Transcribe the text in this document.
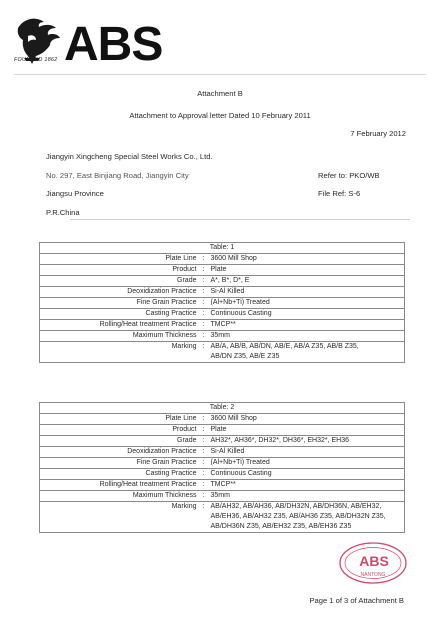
ABS
FOUNDED 1862
Attachment B
Attachment to Approval letter Dated 10 February 2011
7 February 2012
Jiangyin Xingcheng Special Steel Works Co., Ltd.
No. 297, East Binjiang Road, Jiangyin City
Jiangsu Province
P.R.China
Refer to: PKO/WB
File Ref: S-6
Table: 1		
Plate Line	:	3600 Mill Shop
Product	:	Plate
Grade	:	A*, B*, D*, E
Deoxidization Practice	:	Si-Al Killed
Fine Grain Practice	:	(Al+Nb+Ti) Treated
Casting Practice	:	Continuous Casting
Rolling/Heat treatment Practice	:	TMCP**
Maximum Thickness	:	35mm
Marking	:	AB/A, AB/B, AB/DN, AB/E, AB/A Z35, AB/B Z35,
AB/DN Z35, AB/E Z35
Table: 2		
Plate Line	:	3600 Mill Shop
Product	:	Plate
Grade	:	AH32*, AH36*, DH32*, DH36*, EH32*, EH36
Deoxidization Practice	:	Si-Al Killed
Fine Grain Practice	:	(Al+Nb+Ti) Treated
Casting Practice	:	Continuous Casting
Rolling/Heat treatment Practice	:	TMCP**
Maximum Thickness	:	35mm
Marking	:	AB/AH32, AB/AH36, AB/DH32N, AB/DH36N, AB/EH32,
AB/EH36, AB/AH32 Z35, AB/AH36 Z35, AB/DH32N Z35,
AB/DH36N Z35, AB/EH32 Z35, AB/EH36 Z35
ABS
NANTONG
Page 1 of 3 of Attachment B
